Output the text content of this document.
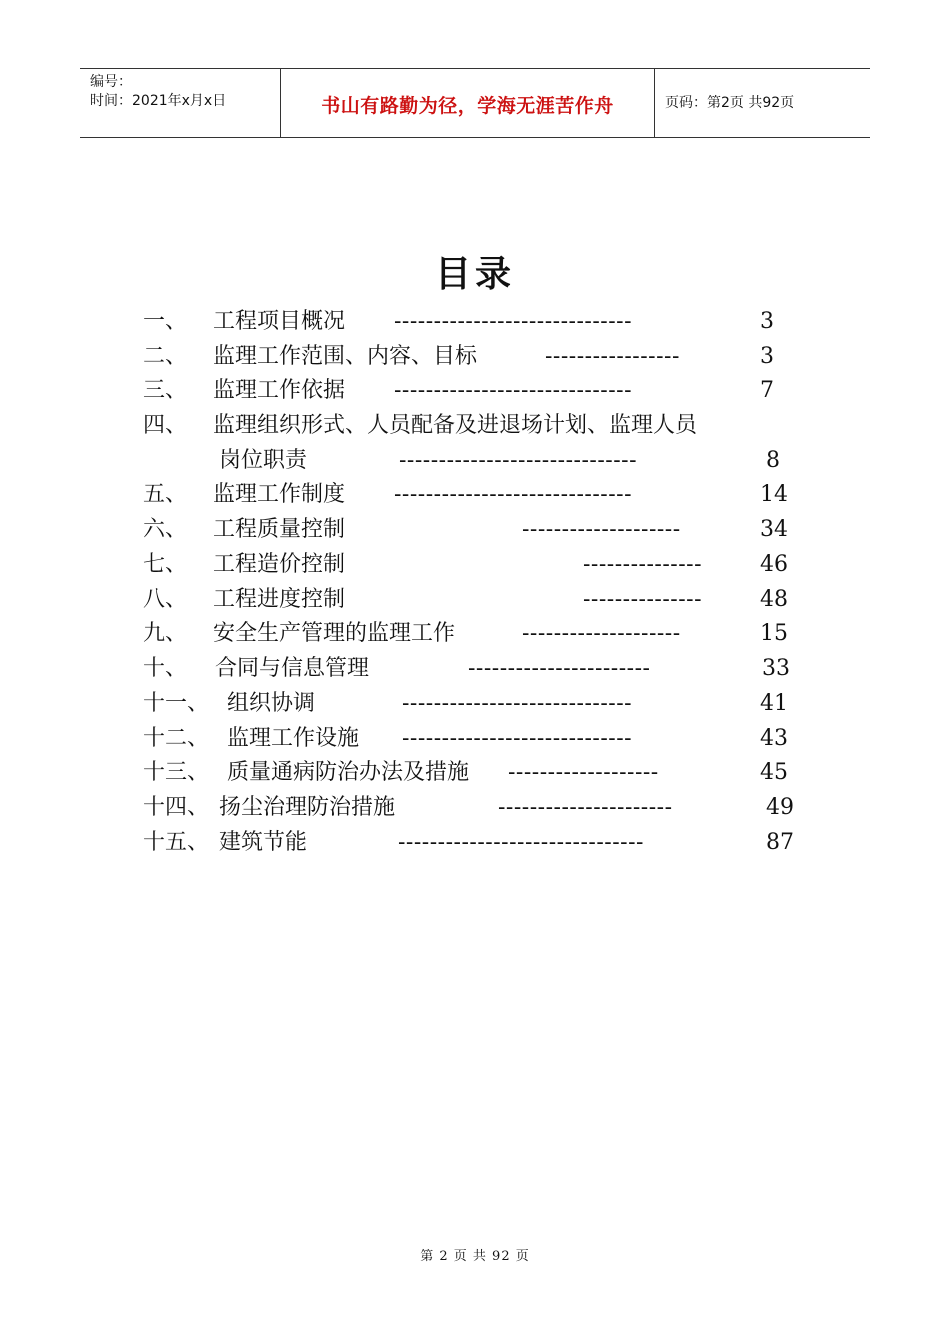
编号：
时间：2021年x月x日	书山有路勤为径，学海无涯苦作舟	页码：第2页 共92页
目录
一、 工程项目概况 ------------------------------	3
二、 监理工作范围、内容、目标	-----------------	3
三、 监理工作依据 ------------------------------	7
四、 监理组织形式、人员配备及进退场计划、监理人员
岗位职责	------------------------------	8
五、 监理工作制度 ------------------------------	14
六、 工程质量控制	--------------------	34
七、 工程造价控制	---------------	46
八、 工程进度控制	---------------	48
九、 安全生产管理的监理工作	--------------------	15
十、 合同与信息管理	-----------------------	33
十一、 组织协调	-----------------------------	41
十二、 监理工作设施 -----------------------------	43
十三、 质量通病防治办法及措施 -------------------	45
十四、 扬尘治理防治措施	----------------------	49
十五、 建筑节能	-------------------------------	87
第 2 页 共 92 页
